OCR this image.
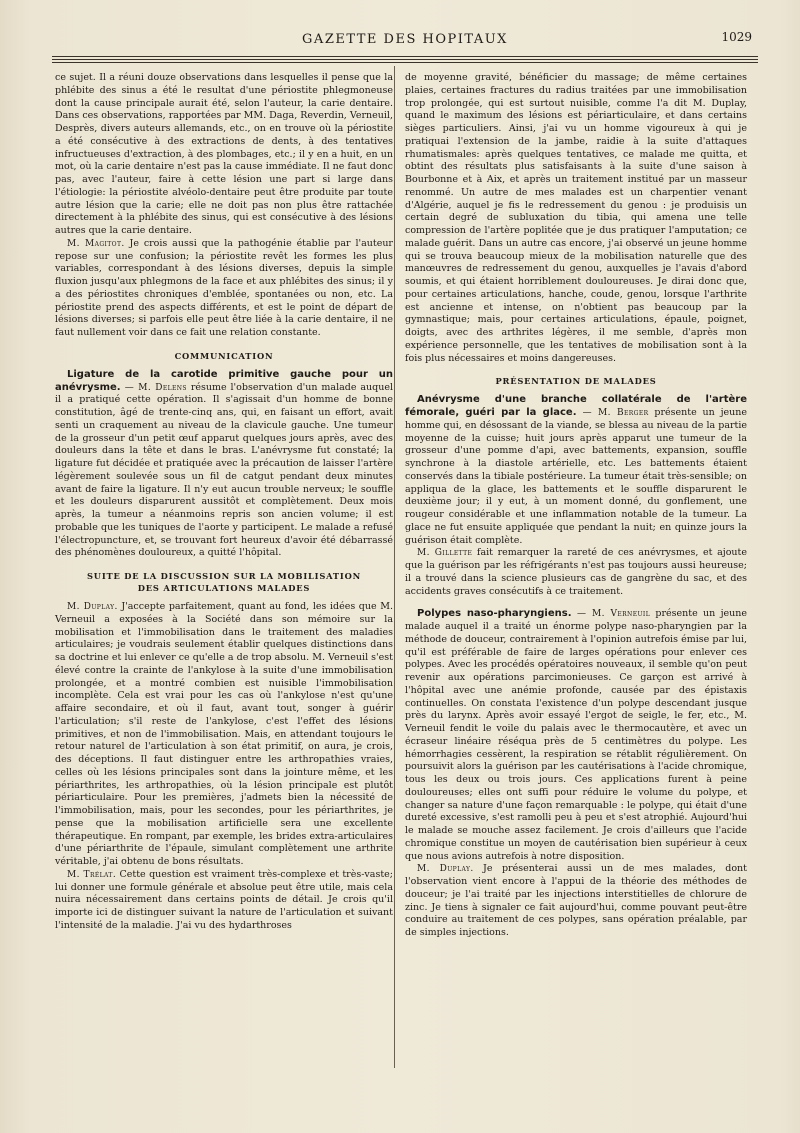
GAZETTE DES HOPITAUX	1029

ce sujet. Il a réuni douze observations dans lesquelles il pense que la phlébite des sinus a été le resultat d'une périostite phlegmoneuse dont la cause principale aurait été, selon l'auteur, la carie dentaire. Dans ces observations, rapportées par MM. Daga, Reverdin, Verneuil, Desprès, divers auteurs allemands, etc., on en trouve où la périostite a été consécutive à des extractions de dents, à des tentatives infructueuses d'extraction, à des plombages, etc.; il y en a huit, en un mot, où la carie dentaire n'est pas la cause immédiate. Il ne faut donc pas, avec l'auteur, faire à cette lésion une part si large dans l'étiologie: la périostite alvéolo-dentaire peut être produite par toute autre lésion que la carie; elle ne doit pas non plus être rattachée directement à la phlébite des sinus, qui est consécutive à des lésions autres que la carie dentaire.

M. Magitot. Je crois aussi que la pathogénie établie par l'auteur repose sur une confusion; la périostite revêt les formes les plus variables, correspondant à des lésions diverses, depuis la simple fluxion jusqu'aux phlegmons de la face et aux phlébites des sinus; il y a des périostites chroniques d'emblée, spontanées ou non, etc. La périostite prend des aspects différents, et est le point de départ de lésions diverses; si parfois elle peut être liée à la carie dentaire, il ne faut nullement voir dans ce fait une relation constante.

COMMUNICATION

Ligature de la carotide primitive gauche pour un anévrysme. — M. Delens résume l'observation d'un malade auquel il a pratiqué cette opération. Il s'agissait d'un homme de bonne constitution, âgé de trente-cinq ans, qui, en faisant un effort, avait senti un craquement au niveau de la clavicule gauche. Une tumeur de la grosseur d'un petit œuf apparut quelques jours après, avec des douleurs dans la tête et dans le bras. L'anévrysme fut constaté; la ligature fut décidée et pratiquée avec la précaution de laisser l'artère légèrement soulevée sous un fil de catgut pendant deux minutes avant de faire la ligature. Il n'y eut aucun trouble nerveux; le souffle et les douleurs disparurent aussitôt et complètement. Deux mois après, la tumeur a néanmoins repris son ancien volume; il est probable que les tuniques de l'aorte y participent. Le malade a refusé l'électropuncture, et, se trouvant fort heureux d'avoir été débarrassé des phénomènes douloureux, a quitté l'hôpital.

SUITE DE LA DISCUSSION SUR LA MOBILISATION
DES ARTICULATIONS MALADES

M. Duplay. J'accepte parfaitement, quant au fond, les idées que M. Verneuil a exposées à la Société dans son mémoire sur la mobilisation et l'immobilisation dans le traitement des maladies articulaires; je voudrais seulement établir quelques distinctions dans sa doctrine et lui enlever ce qu'elle a de trop absolu. M. Verneuil s'est élevé contre la crainte de l'ankylose à la suite d'une immobilisation prolongée, et a montré combien est nuisible l'immobilisation incomplète. Cela est vrai pour les cas où l'ankylose n'est qu'une affaire secondaire, et où il faut, avant tout, songer à guérir l'articulation; s'il reste de l'ankylose, c'est l'effet des lésions primitives, et non de l'immobilisation. Mais, en attendant toujours le retour naturel de l'articulation à son état primitif, on aura, je crois, des déceptions. Il faut distinguer entre les arthropathies vraies, celles où les lésions principales sont dans la jointure même, et les périarthrites, les arthropathies, où la lésion principale est plutôt périarticulaire. Pour les premières, j'admets bien la nécessité de l'immobilisation, mais, pour les secondes, pour les périarthrites, je pense que la mobilisation artificielle sera une excellente thérapeutique. En rompant, par exemple, les brides extra-articulaires d'une périarthrite de l'épaule, simulant complètement une arthrite véritable, j'ai obtenu de bons résultats.

M. Trélat. Cette question est vraiment très-complexe et très-vaste; lui donner une formule générale et absolue peut être utile, mais cela nuira nécessairement dans certains points de détail. Je crois qu'il importe ici de distinguer suivant la nature de l'articulation et suivant l'intensité de la maladie. J'ai vu des hydarthroses

de moyenne gravité, bénéficier du massage; de même certaines plaies, certaines fractures du radius traitées par une immobilisation trop prolongée, qui est surtout nuisible, comme l'a dit M. Duplay, quand le maximum des lésions est périarticulaire, et dans certains sièges particuliers. Ainsi, j'ai vu un homme vigoureux à qui je pratiquai l'extension de la jambe, raidie à la suite d'attaques rhumatismales: après quelques tentatives, ce malade me quitta, et obtint des résultats plus satisfaisants à la suite d'une saison à Bourbonne et à Aix, et après un traitement institué par un masseur renommé. Un autre de mes malades est un charpentier venant d'Algérie, auquel je fis le redressement du genou : je produisis un certain degré de subluxation du tibia, qui amena une telle compression de l'artère poplitée que je dus pratiquer l'amputation; ce malade guérit. Dans un autre cas encore, j'ai observé un jeune homme qui se trouva beaucoup mieux de la mobilisation naturelle que des manœuvres de redressement du genou, auxquelles je l'avais d'abord soumis, et qui étaient horriblement douloureuses. Je dirai donc que, pour certaines articulations, hanche, coude, genou, lorsque l'arthrite est ancienne et intense, on n'obtient pas beaucoup par la gymnastique; mais, pour certaines articulations, épaule, poignet, doigts, avec des arthrites légères, il me semble, d'après mon expérience personnelle, que les tentatives de mobilisation sont à la fois plus nécessaires et moins dangereuses.

PRÉSENTATION DE MALADES

Anévrysme d'une branche collatérale de l'artère fémorale, guéri par la glace. — M. Berger présente un jeune homme qui, en désossant de la viande, se blessa au niveau de la partie moyenne de la cuisse; huit jours après apparut une tumeur de la grosseur d'une pomme d'api, avec battements, expansion, souffle synchrone à la diastole artérielle, etc. Les battements étaient conservés dans la tibiale postérieure. La tumeur était très-sensible; on appliqua de la glace, les battements et le souffle disparurent le deuxième jour; il y eut, à un moment donné, du gonflement, une rougeur considérable et une inflammation notable de la tumeur. La glace ne fut ensuite appliquée que pendant la nuit; en quinze jours la guérison était complète.

M. Gillette fait remarquer la rareté de ces anévrysmes, et ajoute que la guérison par les réfrigérants n'est pas toujours aussi heureuse; il a trouvé dans la science plusieurs cas de gangrène du sac, et des accidents graves consécutifs à ce traitement.

Polypes naso-pharyngiens. — M. Verneuil présente un jeune malade auquel il a traité un énorme polype naso-pharyngien par la méthode de douceur, contrairement à l'opinion autrefois émise par lui, qu'il est préférable de faire de larges opérations pour enlever ces polypes. Avec les procédés opératoires nouveaux, il semble qu'on peut revenir aux opérations parcimonieuses. Ce garçon est arrivé à l'hôpital avec une anémie profonde, causée par des épistaxis continuelles. On constata l'existence d'un polype descendant jusque près du larynx. Après avoir essayé l'ergot de seigle, le fer, etc., M. Verneuil fendit le voile du palais avec le thermocautère, et avec un écraseur linéaire réséqua près de 5 centimètres du polype. Les hémorrhagies cessèrent, la respiration se rétablit régulièrement. On poursuivit alors la guérison par les cautérisations à l'acide chromique, tous les deux ou trois jours. Ces applications furent à peine douloureuses; elles ont suffi pour réduire le volume du polype, et changer sa nature d'une façon remarquable : le polype, qui était d'une dureté excessive, s'est ramolli peu à peu et s'est atrophié. Aujourd'hui le malade se mouche assez facilement. Je crois d'ailleurs que l'acide chromique constitue un moyen de cautérisation bien supérieur à ceux que nous avions autrefois à notre disposition.

M. Duplay. Je présenterai aussi un de mes malades, dont l'observation vient encore à l'appui de la théorie des méthodes de douceur; je l'ai traité par les injections interstitielles de chlorure de zinc. Je tiens à signaler ce fait aujourd'hui, comme pouvant peut-être conduire au traitement de ces polypes, sans opération préalable, par de simples injections.
